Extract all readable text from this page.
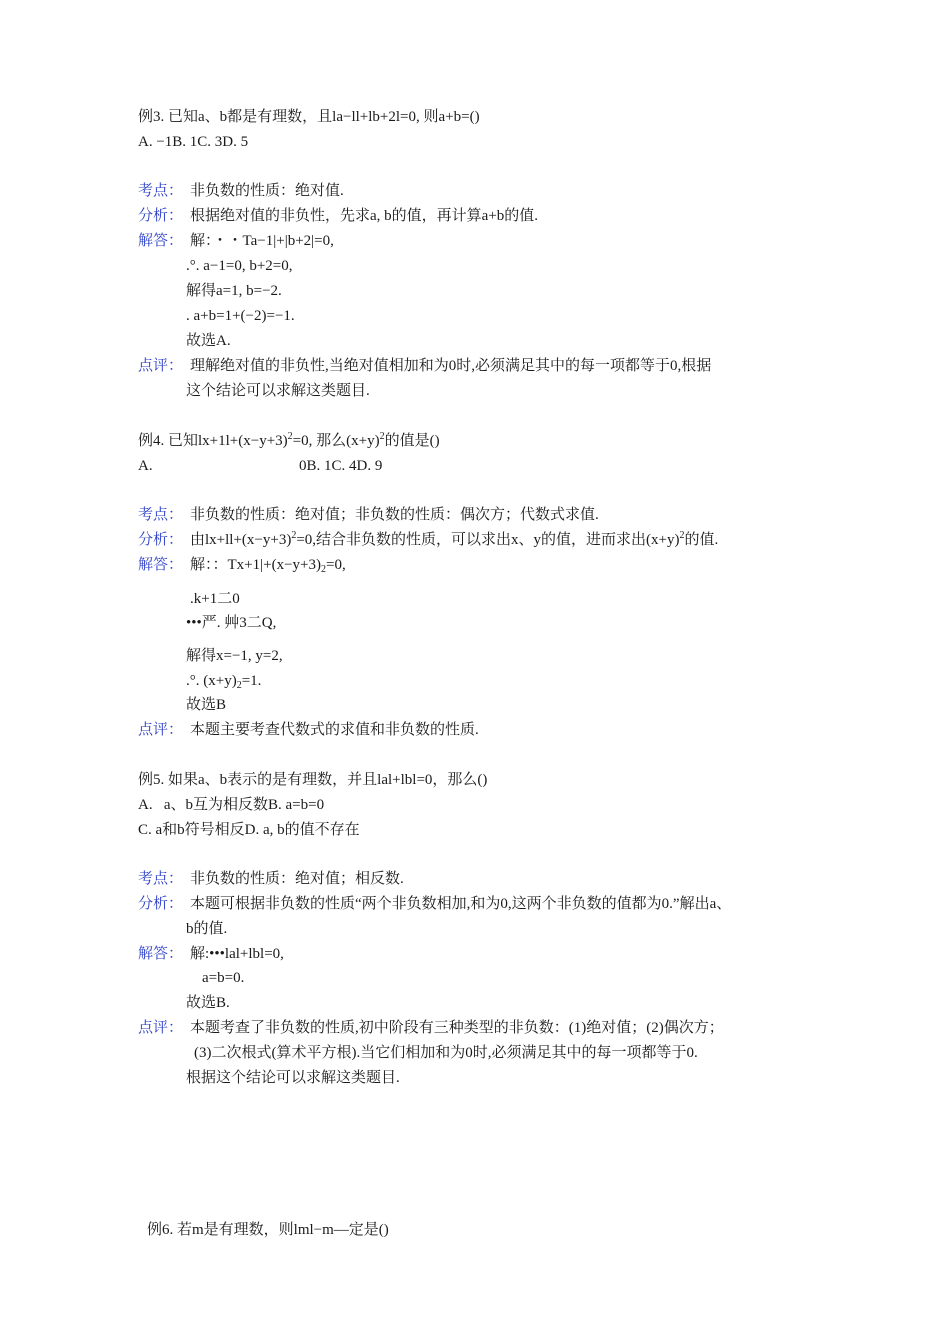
例3. 已知a、b都是有理数，且la−ll+lb+2l=0, 则a+b=()
A. −1B. 1C. 3D. 5
考点： 非负数的性质：绝对值.
分析： 根据绝对值的非负性，先求a, b的值，再计算a+b的值.
解答： 解：・・Ta−1|+|b+2|=0,
.°. a−1=0, b+2=0,
解得a=1, b=−2.
. a+b=1+(−2)=−1.
故选A.
点评： 理解绝对值的非负性,当绝对值相加和为0时,必须满足其中的每一项都等于0,根据
这个结论可以求解这类题目.
例4. 已知$lx+1l+(x-y+3)^2=0$, 那么$(x+y)^2$的值是()
A.	0B. 1C. 4D. 9
考点： 非负数的性质：绝对值；非负数的性质：偶次方；代数式求值.
分析： 由$lx+ll+(x-y+3)^2=0$,结合非负数的性质，可以求出x、y的值，进而求出$(x+y)^2$的值.
解答： 解：：$Tx+1|+(x-y+3)_2=0$,
.k+1二0
•••严. 艸3二Q,
解得x=−1, y=2,
.°. $(x+y)_2=1$.
故选B
点评： 本题主要考查代数式的求值和非负数的性质.
例5. 如果a、b表示的是有理数，并且lal+lbl=0，那么()
A.   a、b互为相反数B. a=b=0
C. a和b符号相反D. a, b的值不存在
考点： 非负数的性质：绝对值；相反数.
分析： 本题可根据非负数的性质“两个非负数相加,和为0,这两个非负数的值都为0.”解出a、
b的值.
解答： 解:•••lal+lbl=0,
a=b=0.
故选B.
点评： 本题考查了非负数的性质,初中阶段有三种类型的非负数：(1)绝对值；(2)偶次方；
(3)二次根式(算术平方根).当它们相加和为0时,必须满足其中的每一项都等于0.
根据这个结论可以求解这类题目.
例6. 若m是有理数，则lml−m—定是()
